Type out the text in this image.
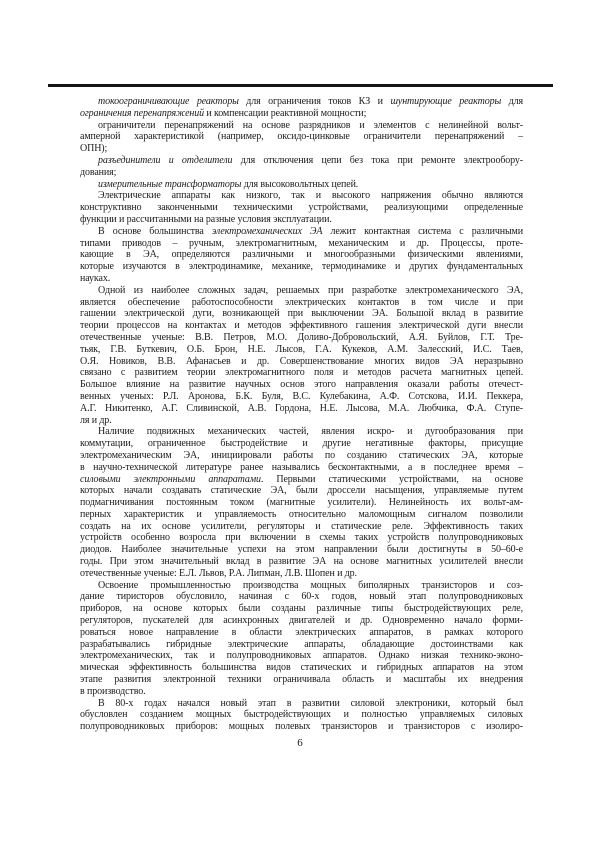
токоограничивающие реакторы для ограничения токов КЗ и шунтирующие реакторы для
ограничения перенапряжений и компенсации реактивной мощности;
ограничители перенапряжений на основе разрядников и элементов с нелинейной вольт-
амперной характеристикой (например, оксидо-цинковые ограничители перенапряжений –
ОПН);
разъединители и отделители для отключения цепи без тока при ремонте электрообору-
дования;
измерительные трансформаторы для высоковольтных цепей.
Электрические аппараты как низкого, так и высокого напряжения обычно являются
конструктивно законченными техническими устройствами, реализующими определенные
функции и рассчитанными на разные условия эксплуатации.
В основе большинства электромеханических ЭА лежит контактная система с различными
типами приводов – ручным, электромагнитным, механическим и др. Процессы, проте-
кающие в ЭА, определяются различными и многообразными физическими явлениями,
которые изучаются в электродинамике, механике, термодинамике и других фундаментальных
науках.
Одной из наиболее сложных задач, решаемых при разработке электромеханического ЭА,
является обеспечение работоспособности электрических контактов в том числе и при
гашении электрической дуги, возникающей при выключении ЭА. Большой вклад в развитие
теории процессов на контактах и методов эффективного гашения электрической дуги внесли
отечественные ученые: В.В. Петров, М.О. Доливо-Добровольский, А.Я. Буйлов, Г.Т. Тре-
тьяк, Г.В. Буткевич, О.Б. Брон, Н.Е. Лысов, Г.А. Кукеков, А.М. Залесский, И.С. Таев,
О.Я. Новиков, В.В. Афанасьев и др. Совершенствование многих видов ЭА неразрывно
связано с развитием теории электромагнитного поля и методов расчета магнитных цепей.
Большое влияние на развитие научных основ этого направления оказали работы отечест-
венных ученых: Р.Л. Аронова, Б.К. Буля, В.С. Кулебакина, А.Ф. Сотскова, И.И. Пеккера,
А.Г. Никитенко, А.Г. Сливинской, А.В. Гордона, Н.Е. Лысова, М.А. Любчика, Ф.А. Ступе-
ля и др.
Наличие подвижных механических частей, явления искро- и дугообразования при
коммутации, ограниченное быстродействие и другие негативные факторы, присущие
электромеханическим ЭА, инициировали работы по созданию статических ЭА, которые
в научно-технической литературе ранее назывались бесконтактными, а в последнее время –
силовыми электронными аппаратами. Первыми статическими устройствами, на основе
которых начали создавать статические ЭА, были дроссели насыщения, управляемые путем
подмагничивания постоянным током (магнитные усилители). Нелинейность их вольт-ам-
перных характеристик и управляемость относительно маломощным сигналом позволили
создать на их основе усилители, регуляторы и статические реле. Эффективность таких
устройств особенно возросла при включении в схемы таких устройств полупроводниковых
диодов. Наиболее значительные успехи на этом направлении были достигнуты в 50–60-е
годы. При этом значительный вклад в развитие ЭА на основе магнитных усилителей внесли
отечественные ученые: Е.Л. Львов, Р.А. Липман, Л.В. Шопен и др.
Освоение промышленностью производства мощных биполярных транзисторов и соз-
дание тиристоров обусловило, начиная с 60-х годов, новый этап полупроводниковых
приборов, на основе которых были созданы различные типы быстродействующих реле,
регуляторов, пускателей для асинхронных двигателей и др. Одновременно начало форми-
роваться новое направление в области электрических аппаратов, в рамках которого
разрабатывались гибридные электрические аппараты, обладающие достоинствами как
электромеханических, так и полупроводниковых аппаратов. Однако низкая технико-эконо-
мическая эффективность большинства видов статических и гибридных аппаратов на этом
этапе развития электронной техники ограничивала область и масштабы их внедрения
в производство.
В 80-х годах начался новый этап в развитии силовой электроники, который был
обусловлен созданием мощных быстродействующих и полностью управляемых силовых
полупроводниковых приборов: мощных полевых транзисторов и транзисторов с изолиро-
6
